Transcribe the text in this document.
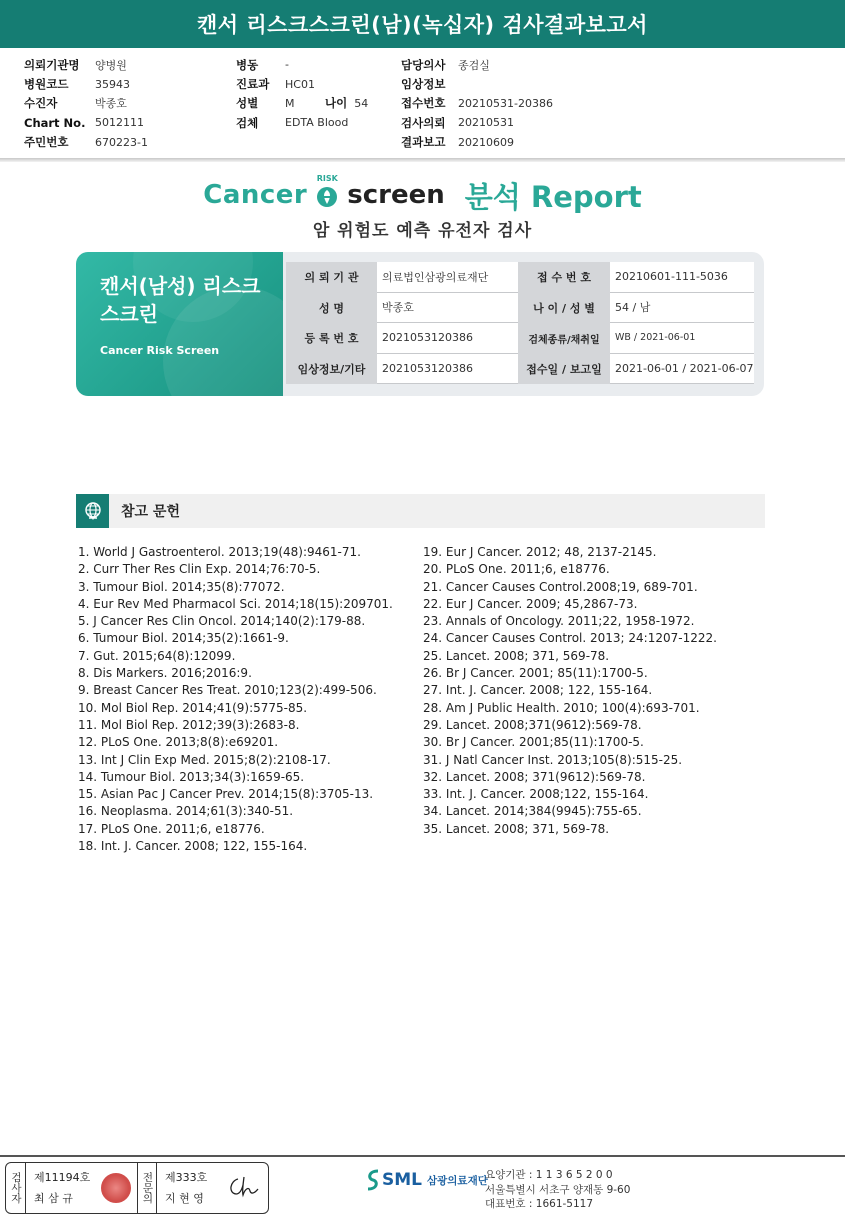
캔서 리스크스크린(남)(녹십자) 검사결과보고서
의뢰기관명	양병원
병원코드	35943
수진자	박종호
Chart No. 5012111
주민번호	670223-1
병동	-
진료과	HC01
성별	M	나이 54
검체	EDTA Blood
담당의사	종검실
임상정보
접수번호	20210531-20386
검사의뢰	20210531
결과보고	20210609
Cancer
RISK
screen 분석 Report
암 위험도 예측 유전자 검사
캔서(남성) 리스크 스크린
Cancer Risk Screen
의 뢰 기 관	의료법인삼광의료재단	접 수 번 호	20210601-111-5036
성 명	박종호	나 이 / 성 별	54 / 남
등 록 번 호	2021053120386	검체종류/채취일	WB / 2021-06-01
임상정보/기타	2021053120386	접수일 / 보고일	2021-06-01 / 2021-06-07
참고 문헌
1. World J Gastroenterol. 2013;19(48):9461-71.
2. Curr Ther Res Clin Exp. 2014;76:70-5.
3. Tumour Biol. 2014;35(8):77072.
4. Eur Rev Med Pharmacol Sci. 2014;18(15):209701.
5. J Cancer Res Clin Oncol. 2014;140(2):179-88.
6. Tumour Biol. 2014;35(2):1661-9.
7. Gut. 2015;64(8):12099.
8. Dis Markers. 2016;2016:9.
9. Breast Cancer Res Treat. 2010;123(2):499-506.
10. Mol Biol Rep. 2014;41(9):5775-85.
11. Mol Biol Rep. 2012;39(3):2683-8.
12. PLoS One. 2013;8(8):e69201.
13. Int J Clin Exp Med. 2015;8(2):2108-17.
14. Tumour Biol. 2013;34(3):1659-65.
15. Asian Pac J Cancer Prev. 2014;15(8):3705-13.
16. Neoplasma. 2014;61(3):340-51.
17. PLoS One. 2011;6, e18776.
18. Int. J. Cancer. 2008; 122, 155-164.
19. Eur J Cancer. 2012; 48, 2137-2145.
20. PLoS One. 2011;6, e18776.
21. Cancer Causes Control.2008;19, 689-701.
22. Eur J Cancer. 2009; 45,2867-73.
23. Annals of Oncology. 2011;22, 1958-1972.
24. Cancer Causes Control. 2013; 24:1207-1222.
25. Lancet. 2008; 371, 569-78.
26. Br J Cancer. 2001; 85(11):1700-5.
27. Int. J. Cancer. 2008; 122, 155-164.
28. Am J Public Health. 2010; 100(4):693-701.
29. Lancet. 2008;371(9612):569-78.
30. Br J Cancer. 2001;85(11):1700-5.
31. J Natl Cancer Inst. 2013;105(8):515-25.
32. Lancet. 2008; 371(9612):569-78.
33. Int. J. Cancer. 2008;122, 155-164.
34. Lancet. 2014;384(9945):755-65.
35. Lancet. 2008; 371, 569-78.
검사자	제11194호
최 삼 규	전문의	제333호
지 현 영
SML 삼광의료재단
요양기관 : 1 1 3 6 5 2 0 0
서울특별시 서초구 양재동 9-60
대표번호 : 1661-5117
